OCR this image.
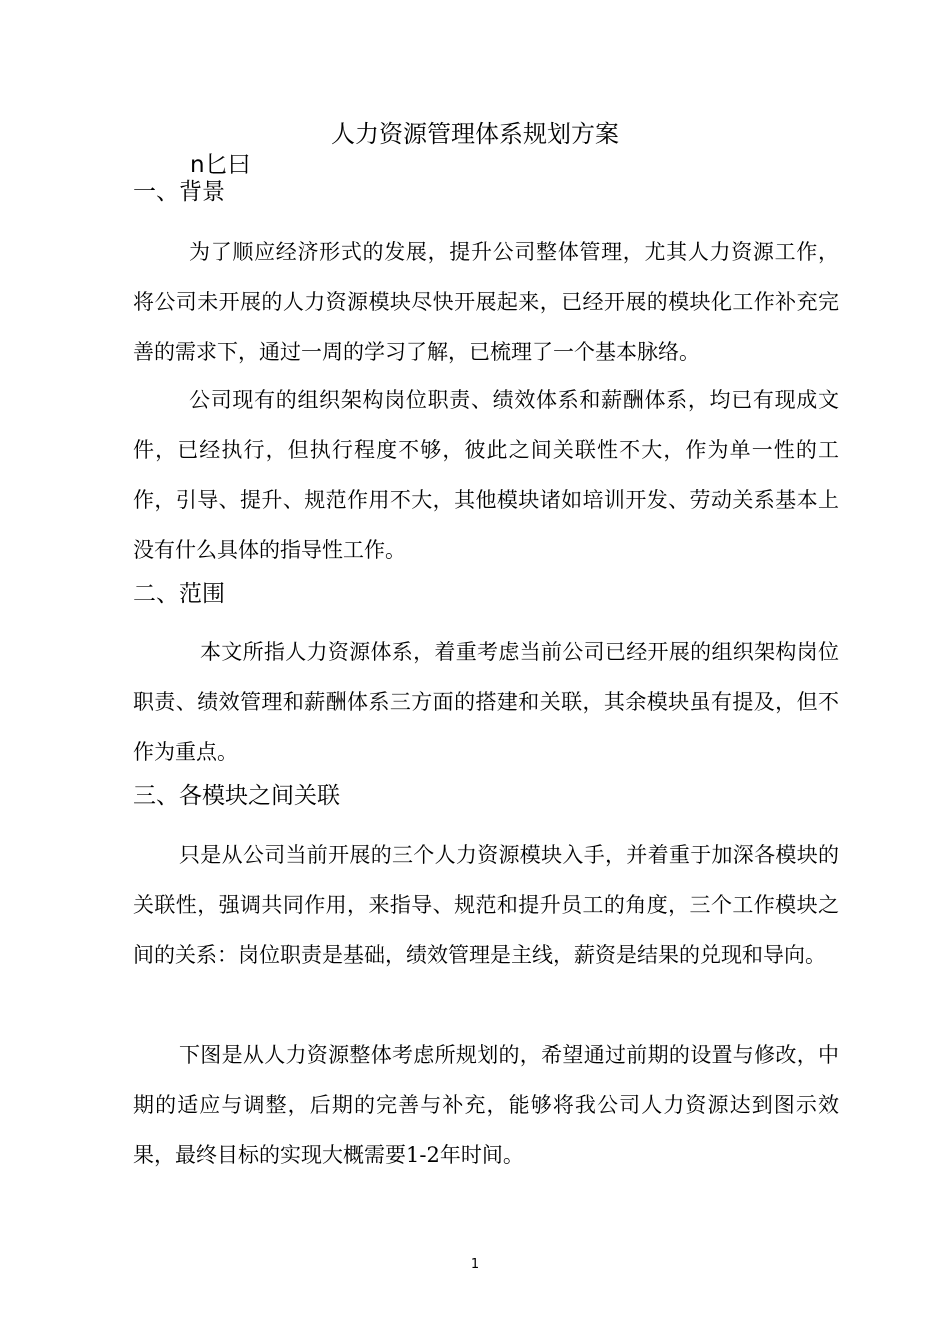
人力资源管理体系规划方案
n匕曰
一、背景

为了顺应经济形式的发展，提升公司整体管理，尤其人力资源工作，将公司未开展的人力资源模块尽快开展起来，已经开展的模块化工作补充完善的需求下，通过一周的学习了解，已梳理了一个基本脉络。

公司现有的组织架构岗位职责、绩效体系和薪酬体系，均已有现成文件，已经执行，但执行程度不够，彼此之间关联性不大，作为单一性的工作，引导、提升、规范作用不大，其他模块诸如培训开发、劳动关系基本上没有什么具体的指导性工作。

二、范围

本文所指人力资源体系，着重考虑当前公司已经开展的组织架构岗位职责、绩效管理和薪酬体系三方面的搭建和关联，其余模块虽有提及，但不作为重点。

三、各模块之间关联

只是从公司当前开展的三个人力资源模块入手，并着重于加深各模块的关联性，强调共同作用，来指导、规范和提升员工的角度，三个工作模块之间的关系：岗位职责是基础，绩效管理是主线，薪资是结果的兑现和导向。

下图是从人力资源整体考虑所规划的，希望通过前期的设置与修改，中期的适应与调整，后期的完善与补充，能够将我公司人力资源达到图示效果，最终目标的实现大概需要1-2年时间。

1
